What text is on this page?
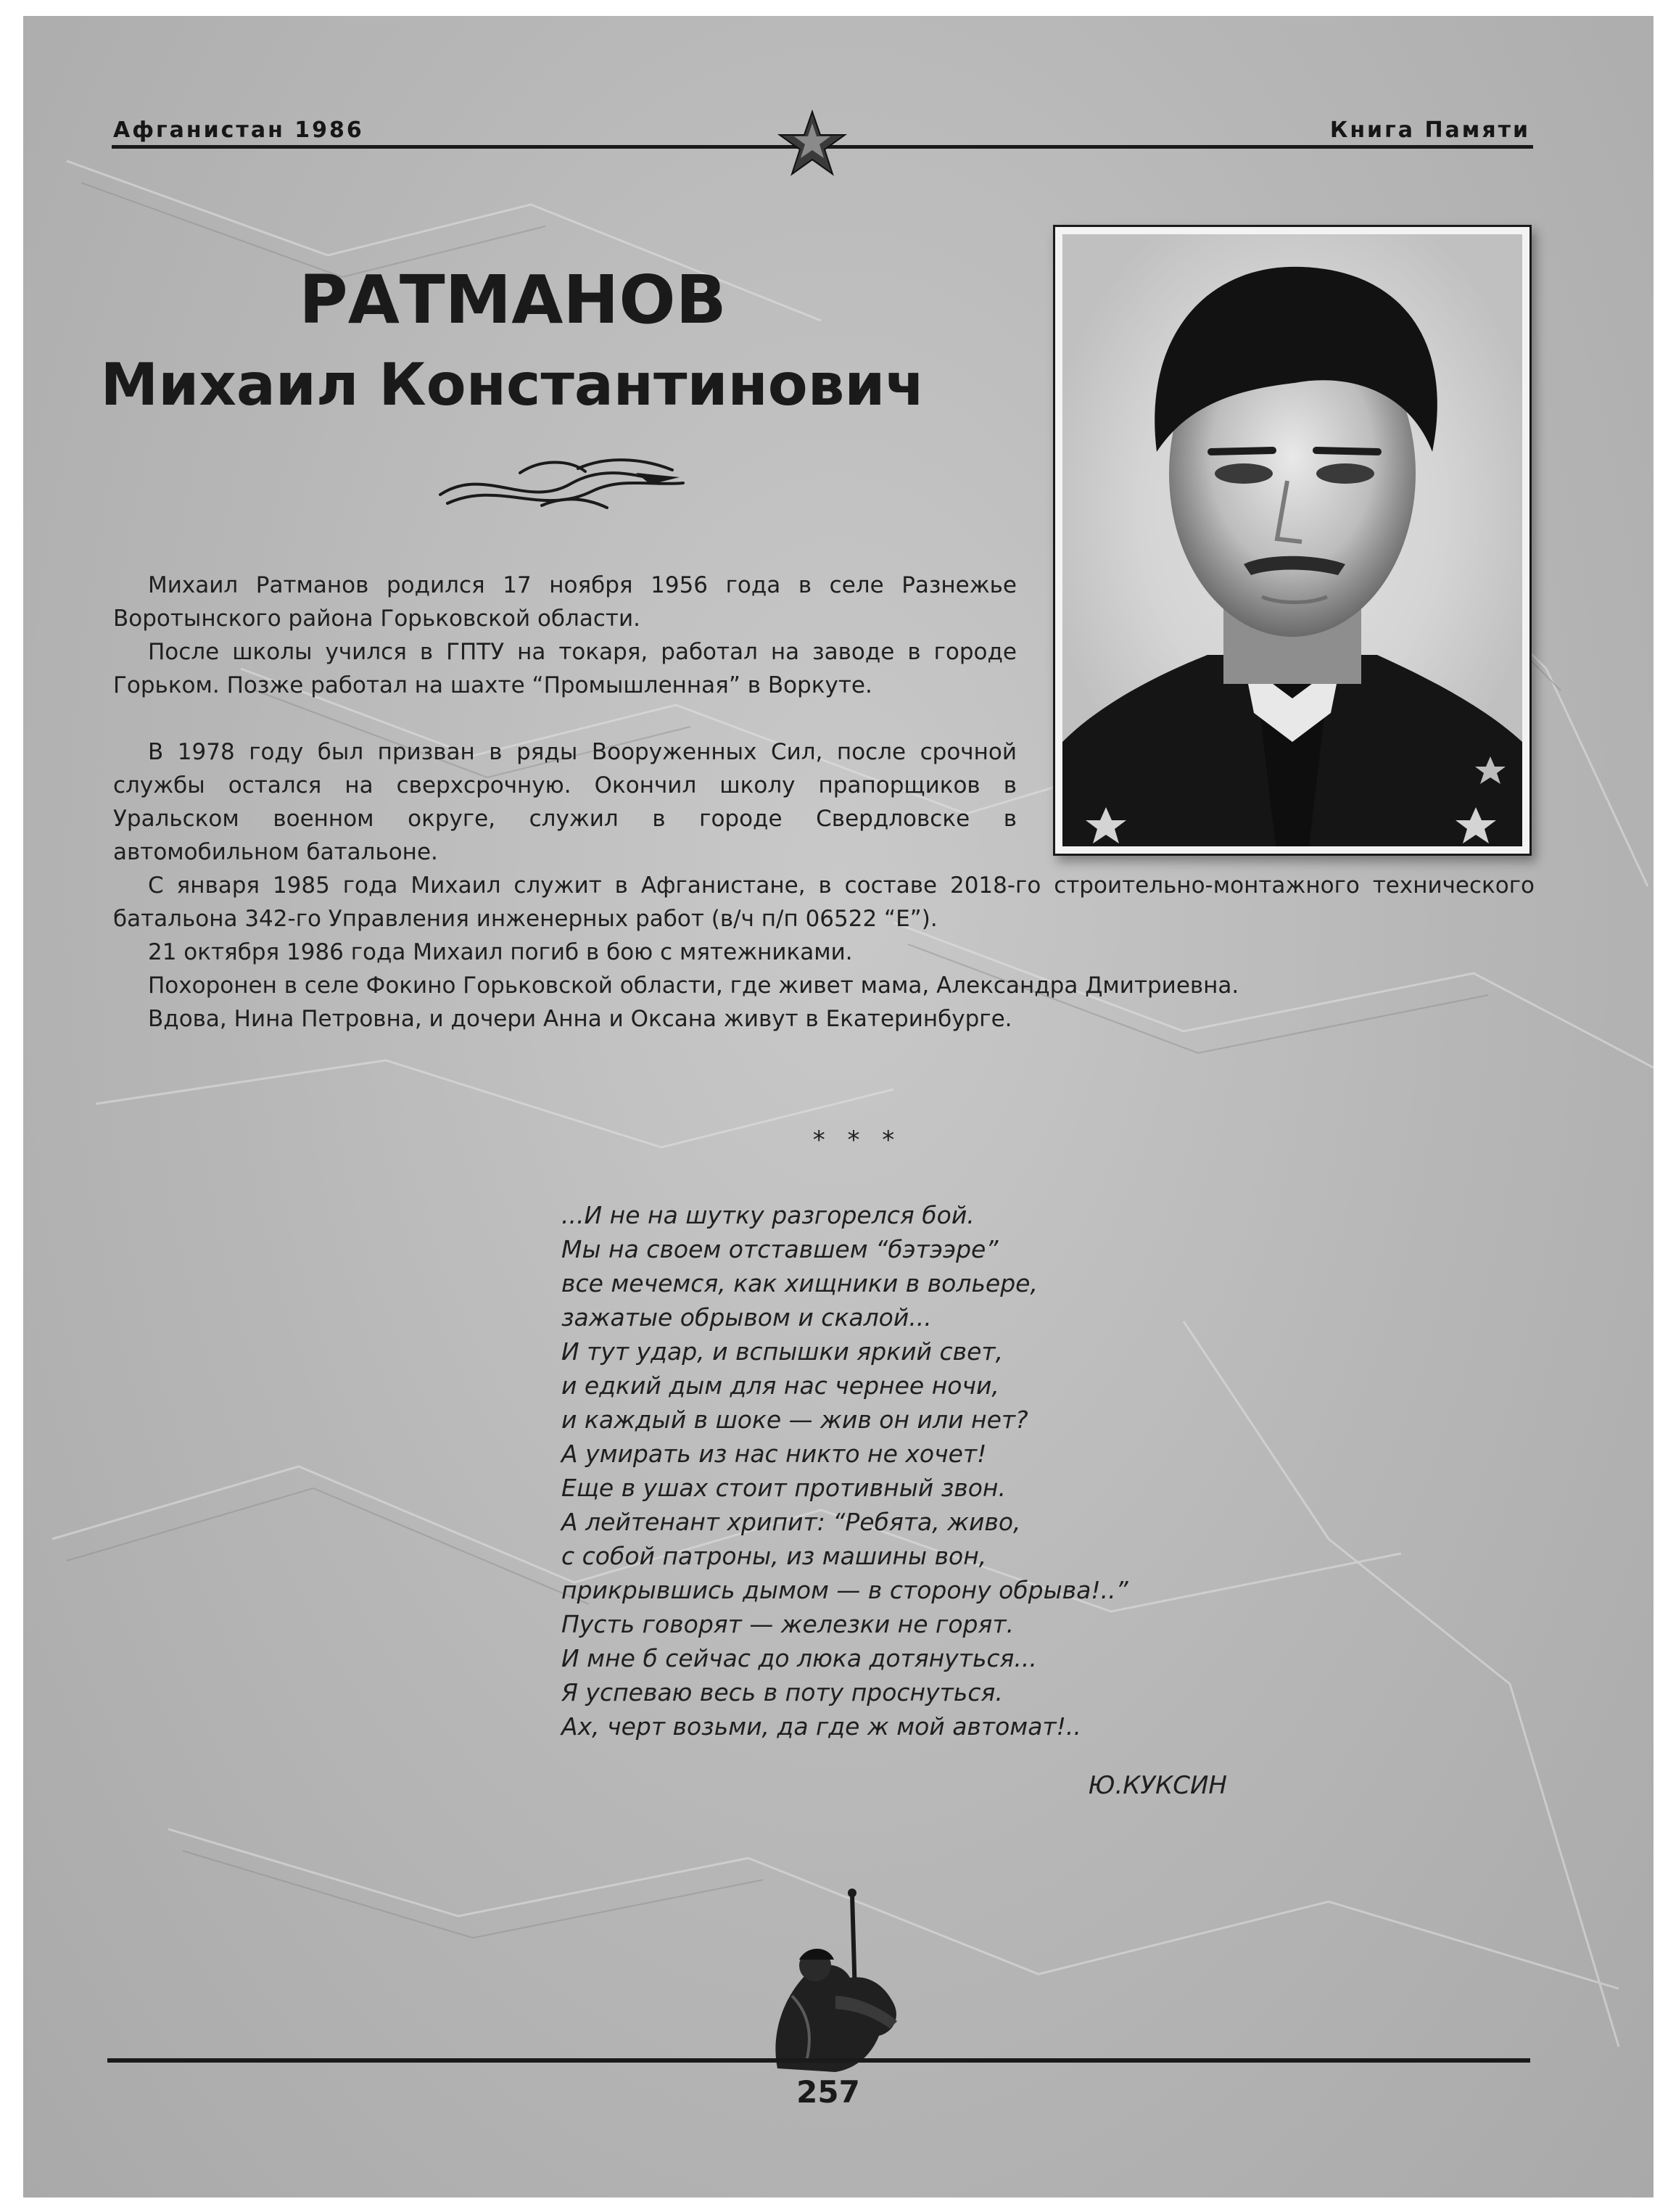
Афганистан 1986	Книга Памяти
РАТМАНОВ
Михаил Константинович

Михаил Ратманов родился 17 ноября 1956 года в селе Разнежье Воротынского района Горьковской области.

После школы учился в ГПТУ на токаря, работал на заводе в городе Горьком. Позже работал на шахте “Промышленная” в Воркуте.

В 1978 году был призван в ряды Вооруженных Сил, после срочной службы остался на сверхсрочную. Окончил школу прапорщиков в Уральском военном округе, служил в городе Свердловске в автомобильном батальоне.

С января 1985 года Михаил служит в Афганистане, в составе 2018-го строительно-монтажного технического батальона 342-го Управления инженерных работ (в/ч п/п 06522 “Е”).

21 октября 1986 года Михаил погиб в бою с мятежниками.

Похоронен в селе Фокино Горьковской области, где живет мама, Александра Дмитриевна.

Вдова, Нина Петровна, и дочери Анна и Оксана живут в Екатеринбурге.

* * *
...И не на шутку разгорелся бой.
Мы на своем отставшем “бэтээре”
все мечемся, как хищники в вольере,
зажатые обрывом и скалой...
И тут удар, и вспышки яркий свет,
и едкий дым для нас чернее ночи,
и каждый в шоке — жив он или нет?
А умирать из нас никто не хочет!
Еще в ушах стоит противный звон.
А лейтенант хрипит: “Ребята, живо,
с собой патроны, из машины вон,
прикрывшись дымом — в сторону обрыва!..”
Пусть говорят — железки не горят.
И мне б сейчас до люка дотянуться...
Я успеваю весь в поту проснуться.
Ах, черт возьми, да где ж мой автомат!..
Ю.КУКСИН
257
